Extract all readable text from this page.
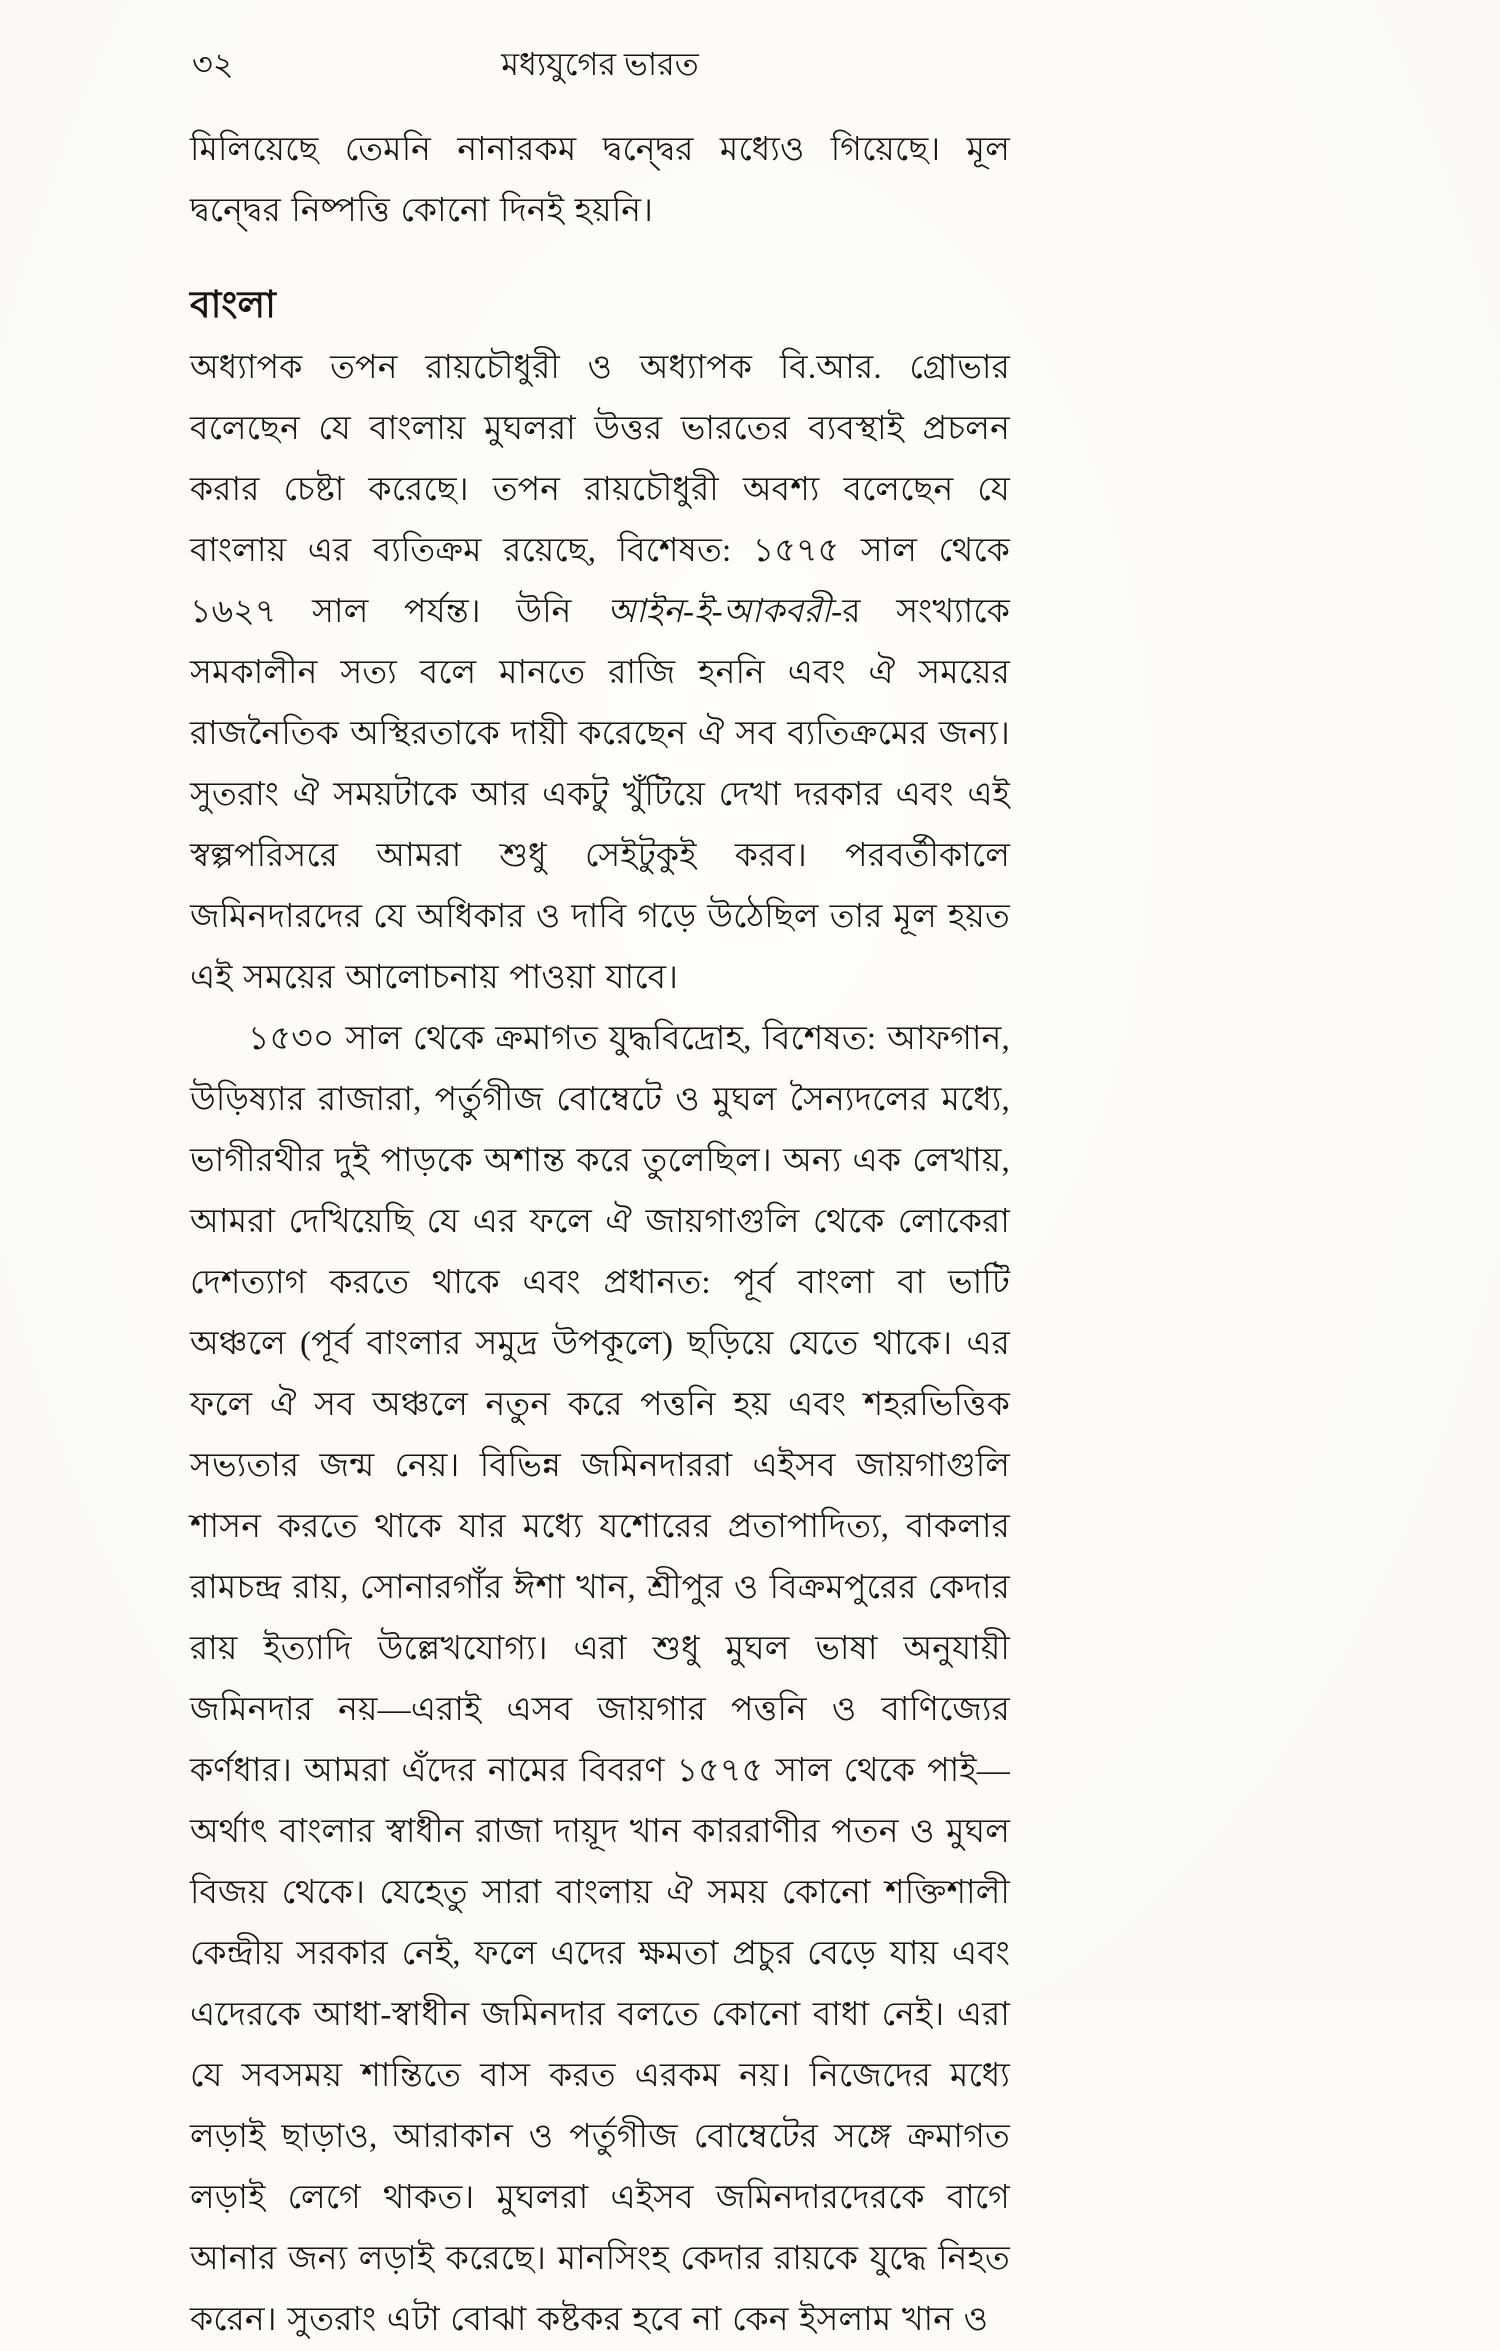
৩২	মধ্যযুগের ভারত

মিলিয়েছে তেমনি নানারকম দ্বন্দ্বের মধ্যেও গিয়েছে। মূল দ্বন্দ্বের নিষ্পত্তি কোনো দিনই হয়নি।

বাংলা

অধ্যাপক তপন রায়চৌধুরী ও অধ্যাপক বি.আর. গ্রোভার বলেছেন যে বাংলায় মুঘলরা উত্তর ভারতের ব্যবস্থাই প্রচলন করার চেষ্টা করেছে। তপন রায়চৌধুরী অবশ্য বলেছেন যে বাংলায় এর ব্যতিক্রম রয়েছে, বিশেষত: ১৫৭৫ সাল থেকে ১৬২৭ সাল পর্যন্ত। উনি আইন-ই-আকবরী-র সংখ্যাকে সমকালীন সত্য বলে মানতে রাজি হননি এবং ঐ সময়ের রাজনৈতিক অস্থিরতাকে দায়ী করেছেন ঐ সব ব্যতিক্রমের জন্য। সুতরাং ঐ সময়টাকে আর একটু খুঁটিয়ে দেখা দরকার এবং এই স্বল্পপরিসরে আমরা শুধু সেইটুকুই করব। পরবর্তীকালে জমিনদারদের যে অধিকার ও দাবি গড়ে উঠেছিল তার মূল হয়ত এই সময়ের আলোচনায় পাওয়া যাবে।

১৫৩০ সাল থেকে ক্রমাগত যুদ্ধবিদ্রোহ, বিশেষত: আফগান, উড়িষ্যার রাজারা, পর্তুগীজ বোম্বেটে ও মুঘল সৈন্যদলের মধ্যে, ভাগীরথীর দুই পাড়কে অশান্ত করে তুলেছিল। অন্য এক লেখায়, আমরা দেখিয়েছি যে এর ফলে ঐ জায়গাগুলি থেকে লোকেরা দেশত্যাগ করতে থাকে এবং প্রধানত: পূর্ব বাংলা বা ভাটি অঞ্চলে (পূর্ব বাংলার সমুদ্র উপকূলে) ছড়িয়ে যেতে থাকে। এর ফলে ঐ সব অঞ্চলে নতুন করে পত্তনি হয় এবং শহরভিত্তিক সভ্যতার জন্ম নেয়। বিভিন্ন জমিনদাররা এইসব জায়গাগুলি শাসন করতে থাকে যার মধ্যে যশোরের প্রতাপাদিত্য, বাকলার রামচন্দ্র রায়, সোনারগাঁর ঈশা খান, শ্রীপুর ও বিক্রমপুরের কেদার রায় ইত্যাদি উল্লেখযোগ্য। এরা শুধু মুঘল ভাষা অনুযায়ী জমিনদার নয়—এরাই এসব জায়গার পত্তনি ও বাণিজ্যের কর্ণধার। আমরা এঁদের নামের বিবরণ ১৫৭৫ সাল থেকে পাই—অর্থাৎ বাংলার স্বাধীন রাজা দায়ূদ খান কাররাণীর পতন ও মুঘল বিজয় থেকে। যেহেতু সারা বাংলায় ঐ সময় কোনো শক্তিশালী কেন্দ্রীয় সরকার নেই, ফলে এদের ক্ষমতা প্রচুর বেড়ে যায় এবং এদেরকে আধা-স্বাধীন জমিনদার বলতে কোনো বাধা নেই। এরা যে সবসময় শান্তিতে বাস করত এরকম নয়। নিজেদের মধ্যে লড়াই ছাড়াও, আরাকান ও পর্তুগীজ বোম্বেটের সঙ্গে ক্রমাগত লড়াই লেগে থাকত। মুঘলরা এইসব জমিনদারদেরকে বাগে আনার জন্য লড়াই করেছে। মানসিংহ কেদার রায়কে যুদ্ধে নিহত করেন। সুতরাং এটা বোঝা কষ্টকর হবে না কেন ইসলাম খান ও
